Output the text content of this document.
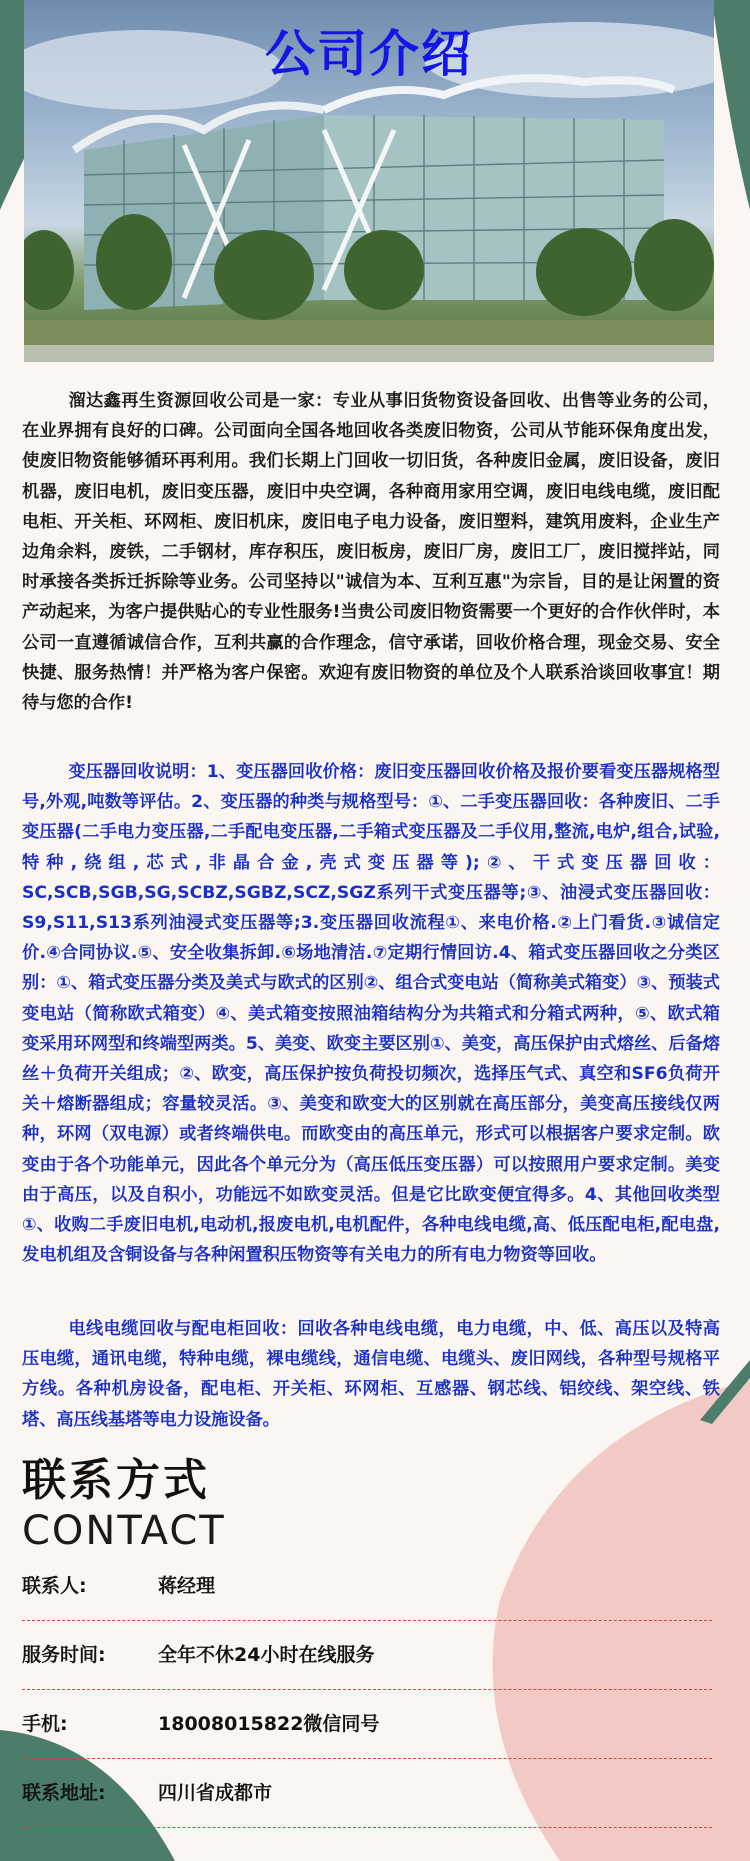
公司介绍

溜达鑫再生资源回收公司是一家：专业从事旧货物资设备回收、出售等业务的公司，在业界拥有良好的口碑。公司面向全国各地回收各类废旧物资，公司从节能环保角度出发，使废旧物资能够循环再利用。我们长期上门回收一切旧货，各种废旧金属，废旧设备，废旧机器，废旧电机，废旧变压器，废旧中央空调，各种商用家用空调，废旧电线电缆，废旧配电柜、开关柜、环网柜、废旧机床，废旧电子电力设备，废旧塑料，建筑用废料，企业生产边角余料，废铁，二手钢材，库存积压，废旧板房，废旧厂房，废旧工厂，废旧搅拌站，同时承接各类拆迁拆除等业务。公司坚持以"诚信为本、互利互惠"为宗旨，目的是让闲置的资产动起来，为客户提供贴心的专业性服务!当贵公司废旧物资需要一个更好的合作伙伴时，本公司一直遵循诚信合作，互利共赢的合作理念，信守承诺，回收价格合理，现金交易、安全快捷、服务热情！并严格为客户保密。欢迎有废旧物资的单位及个人联系洽谈回收事宜！期待与您的合作!

变压器回收说明：1、变压器回收价格：废旧变压器回收价格及报价要看变压器规格型号,外观,吨数等评估。2、变压器的种类与规格型号：①、二手变压器回收：各种废旧、二手变压器(二手电力变压器,二手配电变压器,二手箱式变压器及二手仪用,整流,电炉,组合,试验,特种,绕组,芯式,非晶合金,壳式变压器等);②、干式变压器回收：SC,SCB,SGB,SG,SCBZ,SGBZ,SCZ,SGZ系列干式变压器等;③、油浸式变压器回收：S9,S11,S13系列油浸式变压器等;3.变压器回收流程①、来电价格.②上门看货.③诚信定价.④合同协议.⑤、安全收集拆卸.⑥场地清洁.⑦定期行情回访.4、箱式变压器回收之分类区别：①、箱式变压器分类及美式与欧式的区别②、组合式变电站（简称美式箱变）③、预装式变电站（简称欧式箱变）④、美式箱变按照油箱结构分为共箱式和分箱式两种，⑤、欧式箱变采用环网型和终端型两类。5、美变、欧变主要区别①、美变，高压保护由式熔丝、后备熔丝＋负荷开关组成；②、欧变，高压保护按负荷投切频次，选择压气式、真空和SF6负荷开关＋熔断器组成；容量较灵活。③、美变和欧变大的区别就在高压部分，美变高压接线仅两种，环网（双电源）或者终端供电。而欧变由的高压单元，形式可以根据客户要求定制。欧变由于各个功能单元，因此各个单元分为（高压低压变压器）可以按照用户要求定制。美变由于高压，以及自积小，功能远不如欧变灵活。但是它比欧变便宜得多。4、其他回收类型①、收购二手废旧电机,电动机,报废电机,电机配件，各种电线电缆,高、低压配电柜,配电盘,发电机组及含铜设备与各种闲置积压物资等有关电力的所有电力物资等回收。

电线电缆回收与配电柜回收：回收各种电线电缆，电力电缆，中、低、高压以及特高压电缆，通讯电缆，特种电缆，裸电缆线，通信电缆、电缆头、废旧网线，各种型号规格平方线。各种机房设备，配电柜、开关柜、环网柜、互感器、钢芯线、铝绞线、架空线、铁塔、高压线基塔等电力设施设备。

联系方式
CONTACT
联系人:	蒋经理
服务时间:	全年不休24小时在线服务
手机:	18008015822微信同号
联系地址:	四川省成都市
